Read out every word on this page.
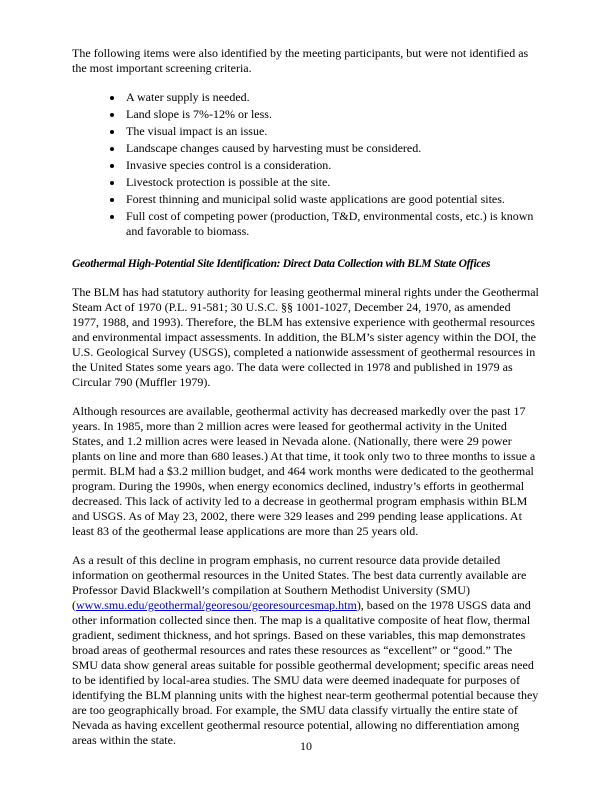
The following items were also identified by the meeting participants, but were not identified as the most important screening criteria.

• A water supply is needed.
• Land slope is 7%-12% or less.
• The visual impact is an issue.
• Landscape changes caused by harvesting must be considered.
• Invasive species control is a consideration.
• Livestock protection is possible at the site.
• Forest thinning and municipal solid waste applications are good potential sites.
• Full cost of competing power (production, T&D, environmental costs, etc.) is known and favorable to biomass.
Geothermal High-Potential Site Identification: Direct Data Collection with BLM State Offices

The BLM has had statutory authority for leasing geothermal mineral rights under the Geothermal Steam Act of 1970 (P.L. 91-581; 30 U.S.C. §§ 1001-1027, December 24, 1970, as amended 1977, 1988, and 1993). Therefore, the BLM has extensive experience with geothermal resources and environmental impact assessments. In addition, the BLM’s sister agency within the DOI, the U.S. Geological Survey (USGS), completed a nationwide assessment of geothermal resources in the United States some years ago. The data were collected in 1978 and published in 1979 as Circular 790 (Muffler 1979).

Although resources are available, geothermal activity has decreased markedly over the past 17 years. In 1985, more than 2 million acres were leased for geothermal activity in the United States, and 1.2 million acres were leased in Nevada alone. (Nationally, there were 29 power plants on line and more than 680 leases.) At that time, it took only two to three months to issue a permit. BLM had a $3.2 million budget, and 464 work months were dedicated to the geothermal program. During the 1990s, when energy economics declined, industry’s efforts in geothermal decreased. This lack of activity led to a decrease in geothermal program emphasis within BLM and USGS. As of May 23, 2002, there were 329 leases and 299 pending lease applications. At least 83 of the geothermal lease applications are more than 25 years old.

As a result of this decline in program emphasis, no current resource data provide detailed information on geothermal resources in the United States. The best data currently available are Professor David Blackwell’s compilation at Southern Methodist University (SMU) (www.smu.edu/geothermal/georesou/georesourcesmap.htm), based on the 1978 USGS data and other information collected since then. The map is a qualitative composite of heat flow, thermal gradient, sediment thickness, and hot springs. Based on these variables, this map demonstrates broad areas of geothermal resources and rates these resources as “excellent” or “good.” The SMU data show general areas suitable for possible geothermal development; specific areas need to be identified by local-area studies. The SMU data were deemed inadequate for purposes of identifying the BLM planning units with the highest near-term geothermal potential because they are too geographically broad. For example, the SMU data classify virtually the entire state of Nevada as having excellent geothermal resource potential, allowing no differentiation among areas within the state.	10
